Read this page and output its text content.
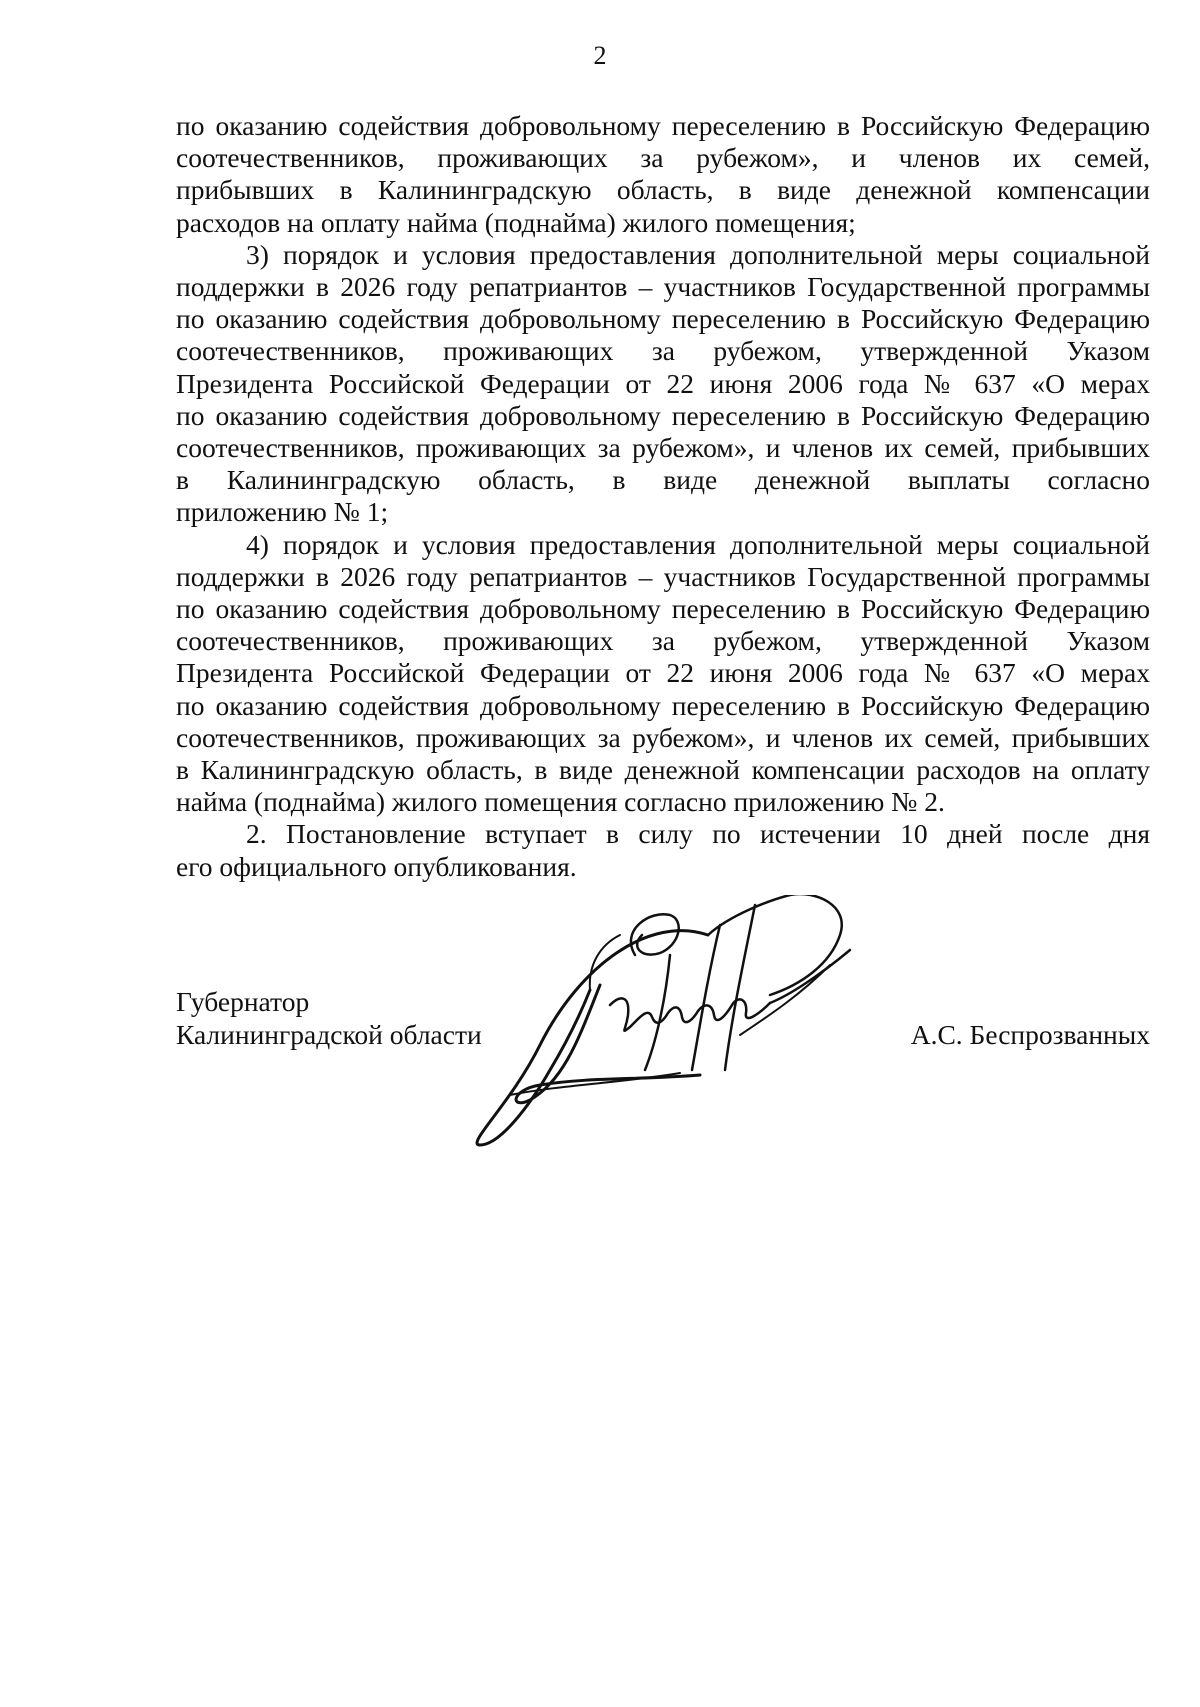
2
по оказанию содействия добровольному переселению в Российскую Федерацию
соотечественников, проживающих за рубежом», и членов их семей,
прибывших в Калининградскую область, в виде денежной компенсации
расходов на оплату найма (поднайма) жилого помещения;
3) порядок и условия предоставления дополнительной меры социальной
поддержки в 2026 году репатриантов – участников Государственной программы
по оказанию содействия добровольному переселению в Российскую Федерацию
соотечественников, проживающих за рубежом, утвержденной Указом
Президента Российской Федерации от 22 июня 2006 года № 637 «О мерах
по оказанию содействия добровольному переселению в Российскую Федерацию
соотечественников, проживающих за рубежом», и членов их семей, прибывших
в Калининградскую область, в виде денежной выплаты согласно
приложению № 1;
4) порядок и условия предоставления дополнительной меры социальной
поддержки в 2026 году репатриантов – участников Государственной программы
по оказанию содействия добровольному переселению в Российскую Федерацию
соотечественников, проживающих за рубежом, утвержденной Указом
Президента Российской Федерации от 22 июня 2006 года № 637 «О мерах
по оказанию содействия добровольному переселению в Российскую Федерацию
соотечественников, проживающих за рубежом», и членов их семей, прибывших
в Калининградскую область, в виде денежной компенсации расходов на оплату
найма (поднайма) жилого помещения согласно приложению № 2.
2. Постановление вступает в силу по истечении 10 дней после дня
его официального опубликования.
Губернатор
Калининградской области	А.С. Беспрозванных
